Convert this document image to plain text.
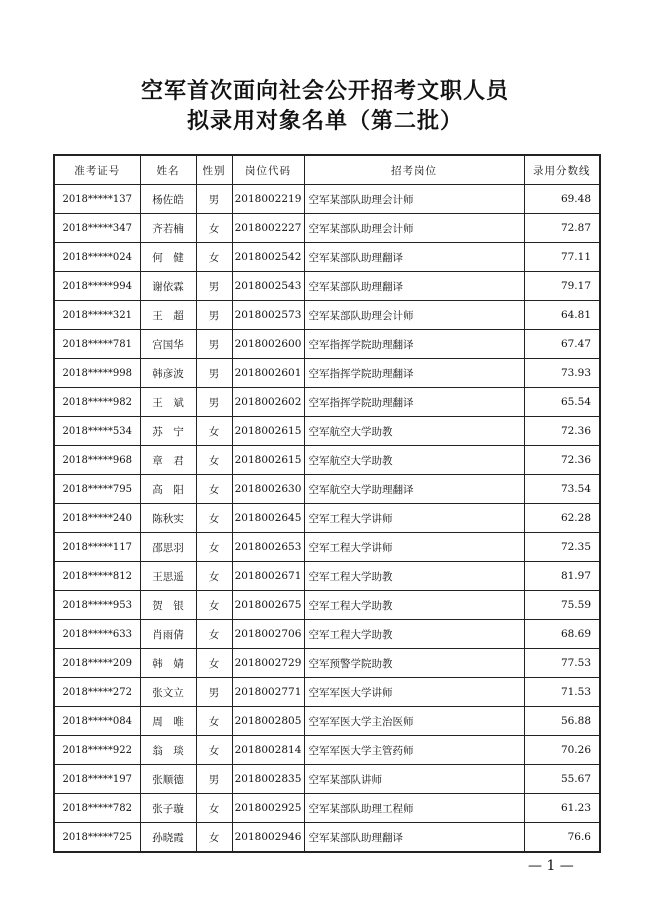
空军首次面向社会公开招考文职人员
拟录用对象名单（第二批）
准考证号	姓名	性别	岗位代码	招考岗位	录用分数线
2018*****137	杨佐皓	男	2018002219	空军某部队助理会计师	69.48
2018*****347	齐若楠	女	2018002227	空军某部队助理会计师	72.87
2018*****024	何　健	女	2018002542	空军某部队助理翻译	77.11
2018*****994	谢依霖	男	2018002543	空军某部队助理翻译	79.17
2018*****321	王　超	男	2018002573	空军某部队助理会计师	64.81
2018*****781	宫国华	男	2018002600	空军指挥学院助理翻译	67.47
2018*****998	韩彦波	男	2018002601	空军指挥学院助理翻译	73.93
2018*****982	王　斌	男	2018002602	空军指挥学院助理翻译	65.54
2018*****534	苏　宁	女	2018002615	空军航空大学助教	72.36
2018*****968	章　君	女	2018002615	空军航空大学助教	72.36
2018*****795	高　阳	女	2018002630	空军航空大学助理翻译	73.54
2018*****240	陈秋实	女	2018002645	空军工程大学讲师	62.28
2018*****117	邵思羽	女	2018002653	空军工程大学讲师	72.35
2018*****812	王思遥	女	2018002671	空军工程大学助教	81.97
2018*****953	贺　银	女	2018002675	空军工程大学助教	75.59
2018*****633	肖雨倩	女	2018002706	空军工程大学助教	68.69
2018*****209	韩　婧	女	2018002729	空军预警学院助教	77.53
2018*****272	张文立	男	2018002771	空军军医大学讲师	71.53
2018*****084	周　唯	女	2018002805	空军军医大学主治医师	56.88
2018*****922	翁　琰	女	2018002814	空军军医大学主管药师	70.26
2018*****197	张顺德	男	2018002835	空军某部队讲师	55.67
2018*****782	张子璇	女	2018002925	空军某部队助理工程师	61.23
2018*****725	孙晓霞	女	2018002946	空军某部队助理翻译	76.6
— 1 —
